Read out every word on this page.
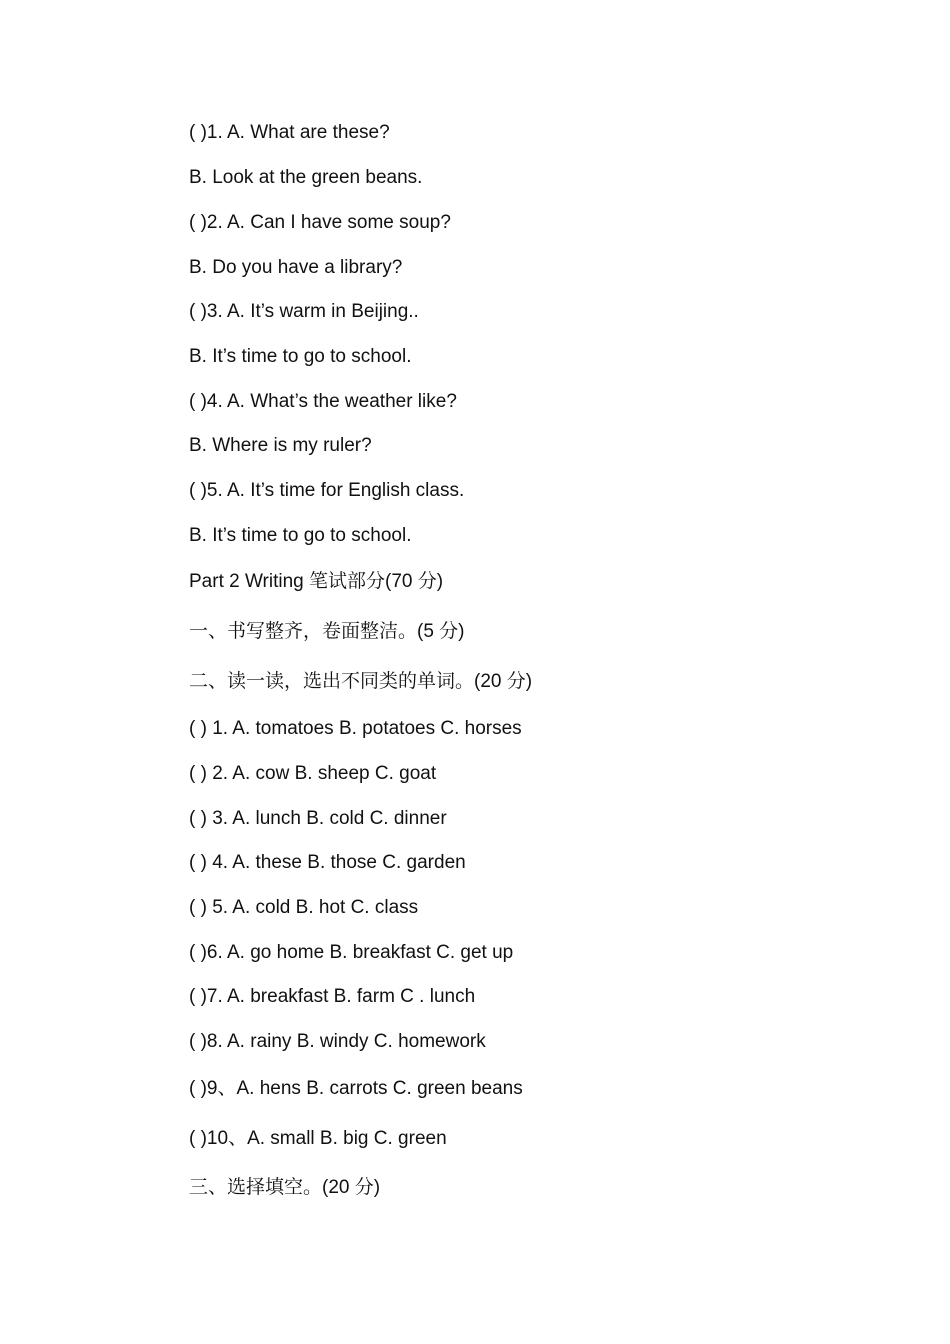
( )1. A. What are these?
B. Look at the green beans.
( )2. A. Can I have some soup?
B. Do you have a library?
( )3. A. It’s warm in Beijing..
B. It’s time to go to school.
( )4. A. What’s the weather like?
B. Where is my ruler?
( )5. A. It’s time for English class.
B. It’s time to go to school.
Part 2 Writing 笔试部分(70 分)
一、书写整齐，卷面整洁。(5 分)
二、读一读，选出不同类的单词。(20 分)
( ) 1. A. tomatoes B. potatoes C. horses
( ) 2. A. cow B. sheep C. goat
( ) 3. A. lunch B. cold C. dinner
( ) 4. A. these B. those C. garden
( ) 5. A. cold B. hot C. class
( )6. A. go home B. breakfast C. get up
( )7. A. breakfast B. farm C . lunch
( )8. A. rainy B. windy C. homework
( )9、A. hens B. carrots C. green beans
( )10、A. small B. big C. green
三、选择填空。(20 分)
